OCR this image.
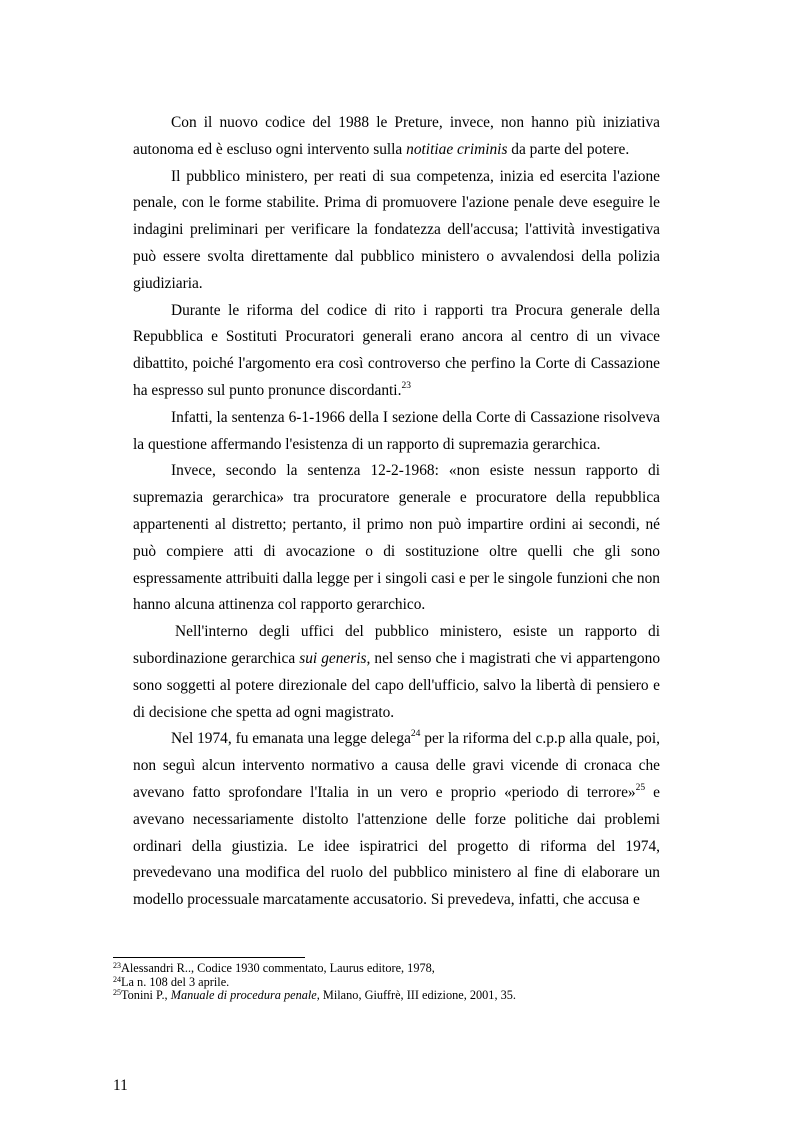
Con il nuovo codice del 1988 le Preture, invece, non hanno più iniziativa autonoma ed è escluso ogni intervento sulla notitiae criminis da parte del potere.

Il pubblico ministero, per reati di sua competenza, inizia ed esercita l'azione penale, con le forme stabilite. Prima di promuovere l'azione penale deve eseguire le indagini preliminari per verificare la fondatezza dell'accusa; l'attività investigativa può essere svolta direttamente dal pubblico ministero o avvalendosi della polizia giudiziaria.

Durante le riforma del codice di rito i rapporti tra Procura generale della Repubblica e Sostituti Procuratori generali erano ancora al centro di un vivace dibattito, poiché l'argomento era così controverso che perfino la Corte di Cassazione ha espresso sul punto pronunce discordanti.$^{23}$

Infatti, la sentenza 6-1-1966 della I sezione della Corte di Cassazione risolveva la questione affermando l'esistenza di un rapporto di supremazia gerarchica.

Invece, secondo la sentenza 12-2-1968: «non esiste nessun rapporto di supremazia gerarchica» tra procuratore generale e procuratore della repubblica appartenenti al distretto; pertanto, il primo non può impartire ordini ai secondi, né può compiere atti di avocazione o di sostituzione oltre quelli che gli sono espressamente attribuiti dalla legge per i singoli casi e per le singole funzioni che non hanno alcuna attinenza col rapporto gerarchico.

Nell'interno degli uffici del pubblico ministero, esiste un rapporto di subordinazione gerarchica sui generis, nel senso che i magistrati che vi appartengono sono soggetti al potere direzionale del capo dell'ufficio, salvo la libertà di pensiero e di decisione che spetta ad ogni magistrato.

Nel 1974, fu emanata una legge delega$^{24}$ per la riforma del c.p.p alla quale, poi, non seguì alcun intervento normativo a causa delle gravi vicende di cronaca che avevano fatto sprofondare l'Italia in un vero e proprio «periodo di terrore»$^{25}$ e avevano necessariamente distolto l'attenzione delle forze politiche dai problemi ordinari della giustizia. Le idee ispiratrici del progetto di riforma del 1974, prevedevano una modifica del ruolo del pubblico ministero al fine di elaborare un modello processuale marcatamente accusatorio. Si prevedeva, infatti, che accusa e

$^{23}$Alessandri R.., Codice 1930 commentato, Laurus editore, 1978,

$^{24}$La n. 108 del 3 aprile.

$^{25}$Tonini P., Manuale di procedura penale, Milano, Giuffrè, III edizione, 2001, 35.

11
